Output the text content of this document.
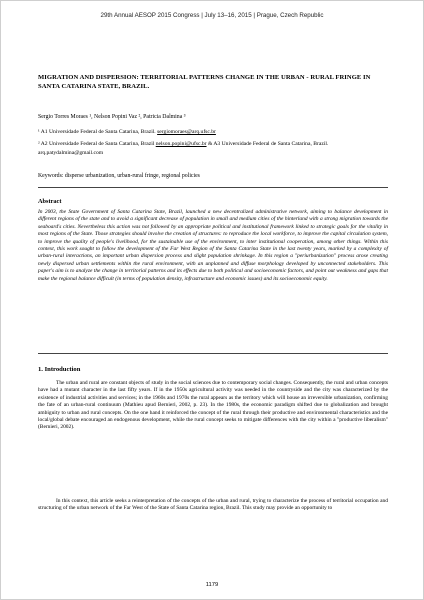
29th Annual AESOP 2015 Congress | July 13–16, 2015 | Prague, Czech Republic
MIGRATION AND DISPERSION: TERRITORIAL PATTERNS CHANGE IN THE URBAN - RURAL FRINGE IN SANTA CATARINA STATE, BRAZIL.
Sergio Torres Moraes ¹, Nelson Popini Vaz ², Patricia Dalmina ³
¹ A1 Universidade Federal de Santa Catarina, Brazil. sergiomoraes@arq.ufsc.br
² A2 Universidade Federal de Santa Catarina, Brazil nelson.popini@ufsc.br & A3 Universidade Federal de Santa Catarina, Brazil. arq.patydalmina@gmail.com
Keywords: disperse urbanization, urban-rural fringe, regional policies
Abstract
In 2003, the State Government of Santa Catarina State, Brazil, launched a new decentralized administrative network, aiming to balance development in different regions of the state and to avoid a significant decrease of population in small and medium cities of the hinterland with a strong migration towards the seaboard's cities. Nevertheless this action was not followed by an appropriate political and institutional framework linked to strategic goals for the vitality in most regions of the State. Those strategies should involve the creation of structures: to reproduce the local workforce, to improve the capital circulation system, to improve the quality of people's livelihood, for the sustainable use of the environment, to inter institutional cooperation, among other things. Within this context, this work sought to follow the development of the Far West Region of the Santa Catarina State in the last twenty years, marked by a complexity of urban-rural interactions, an important urban dispersion process and slight population shrinkage. In this region a "periurbanization" process arose creating newly dispersed urban settlements within the rural environment, with an unplanned and diffuse morphology developed by unconnected stakeholders. This paper's aim is to analyze the change in territorial patterns and its effects due to both political and socioeconomic factors, and point out weakness and gaps that make the regional balance difficult (in terms of population density, infrastructure and economic issues) and its socioeconomic equity.
1. Introduction
The urban and rural are constant objects of study in the social sciences due to contemporary social changes. Consequently, the rural and urban concepts have had a mutant character in the last fifty years. If in the 1950s agricultural activity was needed in the countryside and the city was characterized by the existence of industrial activities and services; in the 1960s and 1970s the rural appears as the territory which will house an irreversible urbanization, confirming the fate of an urban-rural continuum (Mathieu apud Bernieri, 2002, p. 23). In the 1980s, the economic paradigm shifted due to globalization and brought ambiguity to urban and rural concepts. On the one hand it reinforced the concept of the rural through their productive and environmental characteristics and the local/global debate encouraged an endogenous development, while the rural concept seeks to mitigate differences with the city within a "productive liberalism" (Bernieri, 2002).
In this context, this article seeks a reinterpretation of the concepts of the urban and rural, trying to characterize the process of territorial occupation and structuring of the urban network of the Far West of the State of Santa Catarina region, Brazil. This study may provide an opportunity to
1179
